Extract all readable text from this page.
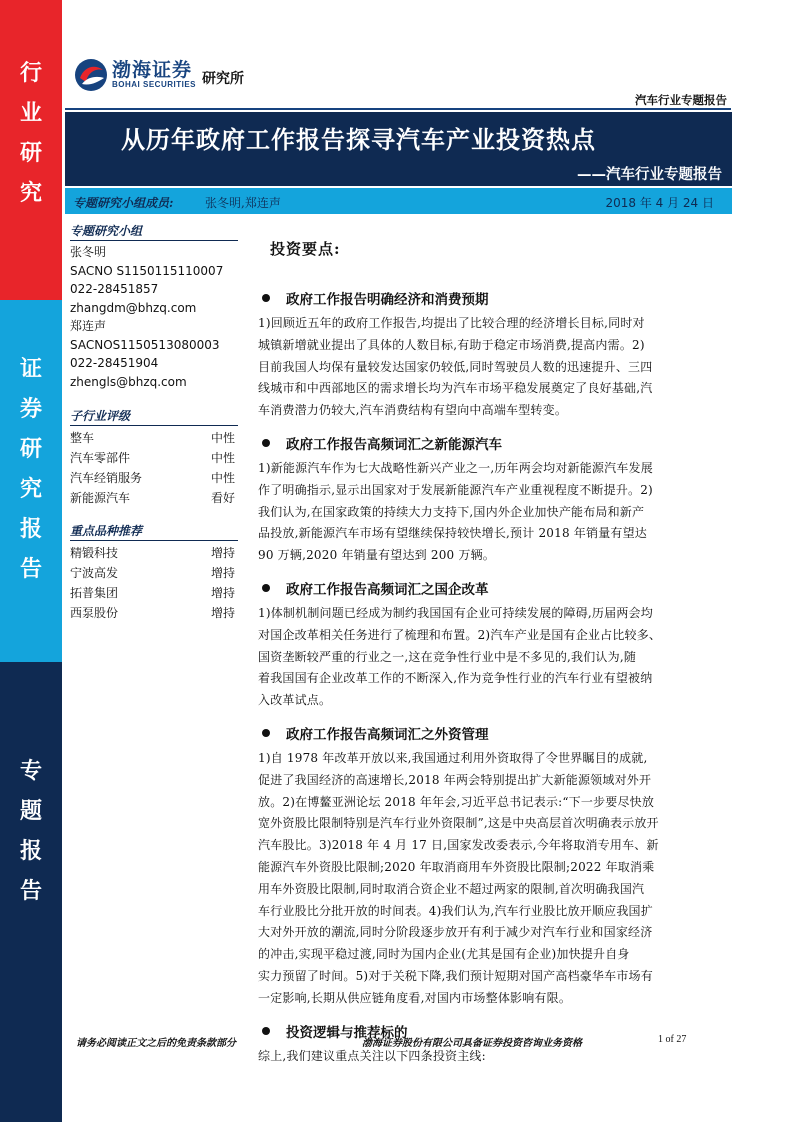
行
业
研
究
证
券
研
究
报
告
专
题
报
告
渤海证券
BOHAI SECURITIES 研究所
汽车行业专题报告
从历年政府工作报告探寻汽车产业投资热点
——汽车行业专题报告
专题研究小组成员:	张冬明,郑连声	2018 年 4 月 24 日
专题研究小组
张冬明
SACNO S1150115110007
022-28451857
zhangdm@bhzq.com
郑连声
SACNOS1150513080003
022-28451904
zhengls@bhzq.com
子行业评级
整车	中性
汽车零部件	中性
汽车经销服务	中性
新能源汽车	看好
重点品种推荐
精锻科技	增持
宁波高发	增持
拓普集团	增持
西泵股份	增持
投资要点:
政府工作报告明确经济和消费预期
1)回顾近五年的政府工作报告,均提出了比较合理的经济增长目标,同时对
城镇新增就业提出了具体的人数目标,有助于稳定市场消费,提高内需。2)
目前我国人均保有量较发达国家仍较低,同时驾驶员人数的迅速提升、三四
线城市和中西部地区的需求增长均为汽车市场平稳发展奠定了良好基础,汽
车消费潜力仍较大,汽车消费结构有望向中高端车型转变。
政府工作报告高频词汇之新能源汽车
1)新能源汽车作为七大战略性新兴产业之一,历年两会均对新能源汽车发展
作了明确指示,显示出国家对于发展新能源汽车产业重视程度不断提升。2)
我们认为,在国家政策的持续大力支持下,国内外企业加快产能布局和新产
品投放,新能源汽车市场有望继续保持较快增长,预计 2018 年销量有望达
90 万辆,2020 年销量有望达到 200 万辆。
政府工作报告高频词汇之国企改革
1)体制机制问题已经成为制约我国国有企业可持续发展的障碍,历届两会均
对国企改革相关任务进行了梳理和布置。2)汽车产业是国有企业占比较多、
国资垄断较严重的行业之一,这在竞争性行业中是不多见的,我们认为,随
着我国国有企业改革工作的不断深入,作为竞争性行业的汽车行业有望被纳
入改革试点。
政府工作报告高频词汇之外资管理
1)自 1978 年改革开放以来,我国通过利用外资取得了令世界瞩目的成就,
促进了我国经济的高速增长,2018 年两会特别提出扩大新能源领域对外开
放。2)在博鳌亚洲论坛 2018 年年会,习近平总书记表示:“下一步要尽快放
宽外资股比限制特别是汽车行业外资限制”,这是中央高层首次明确表示放开
汽车股比。3)2018 年 4 月 17 日,国家发改委表示,今年将取消专用车、新
能源汽车外资股比限制;2020 年取消商用车外资股比限制;2022 年取消乘
用车外资股比限制,同时取消合资企业不超过两家的限制,首次明确我国汽
车行业股比分批开放的时间表。4)我们认为,汽车行业股比放开顺应我国扩
大对外开放的潮流,同时分阶段逐步放开有利于减少对汽车行业和国家经济
的冲击,实现平稳过渡,同时为国内企业(尤其是国有企业)加快提升自身
实力预留了时间。5)对于关税下降,我们预计短期对国产高档豪华车市场有
一定影响,长期从供应链角度看,对国内市场整体影响有限。
投资逻辑与推荐标的
综上,我们建议重点关注以下四条投资主线:
请务必阅读正文之后的免责条款部分	渤海证券股份有限公司具备证券投资咨询业务资格	1 of 27
